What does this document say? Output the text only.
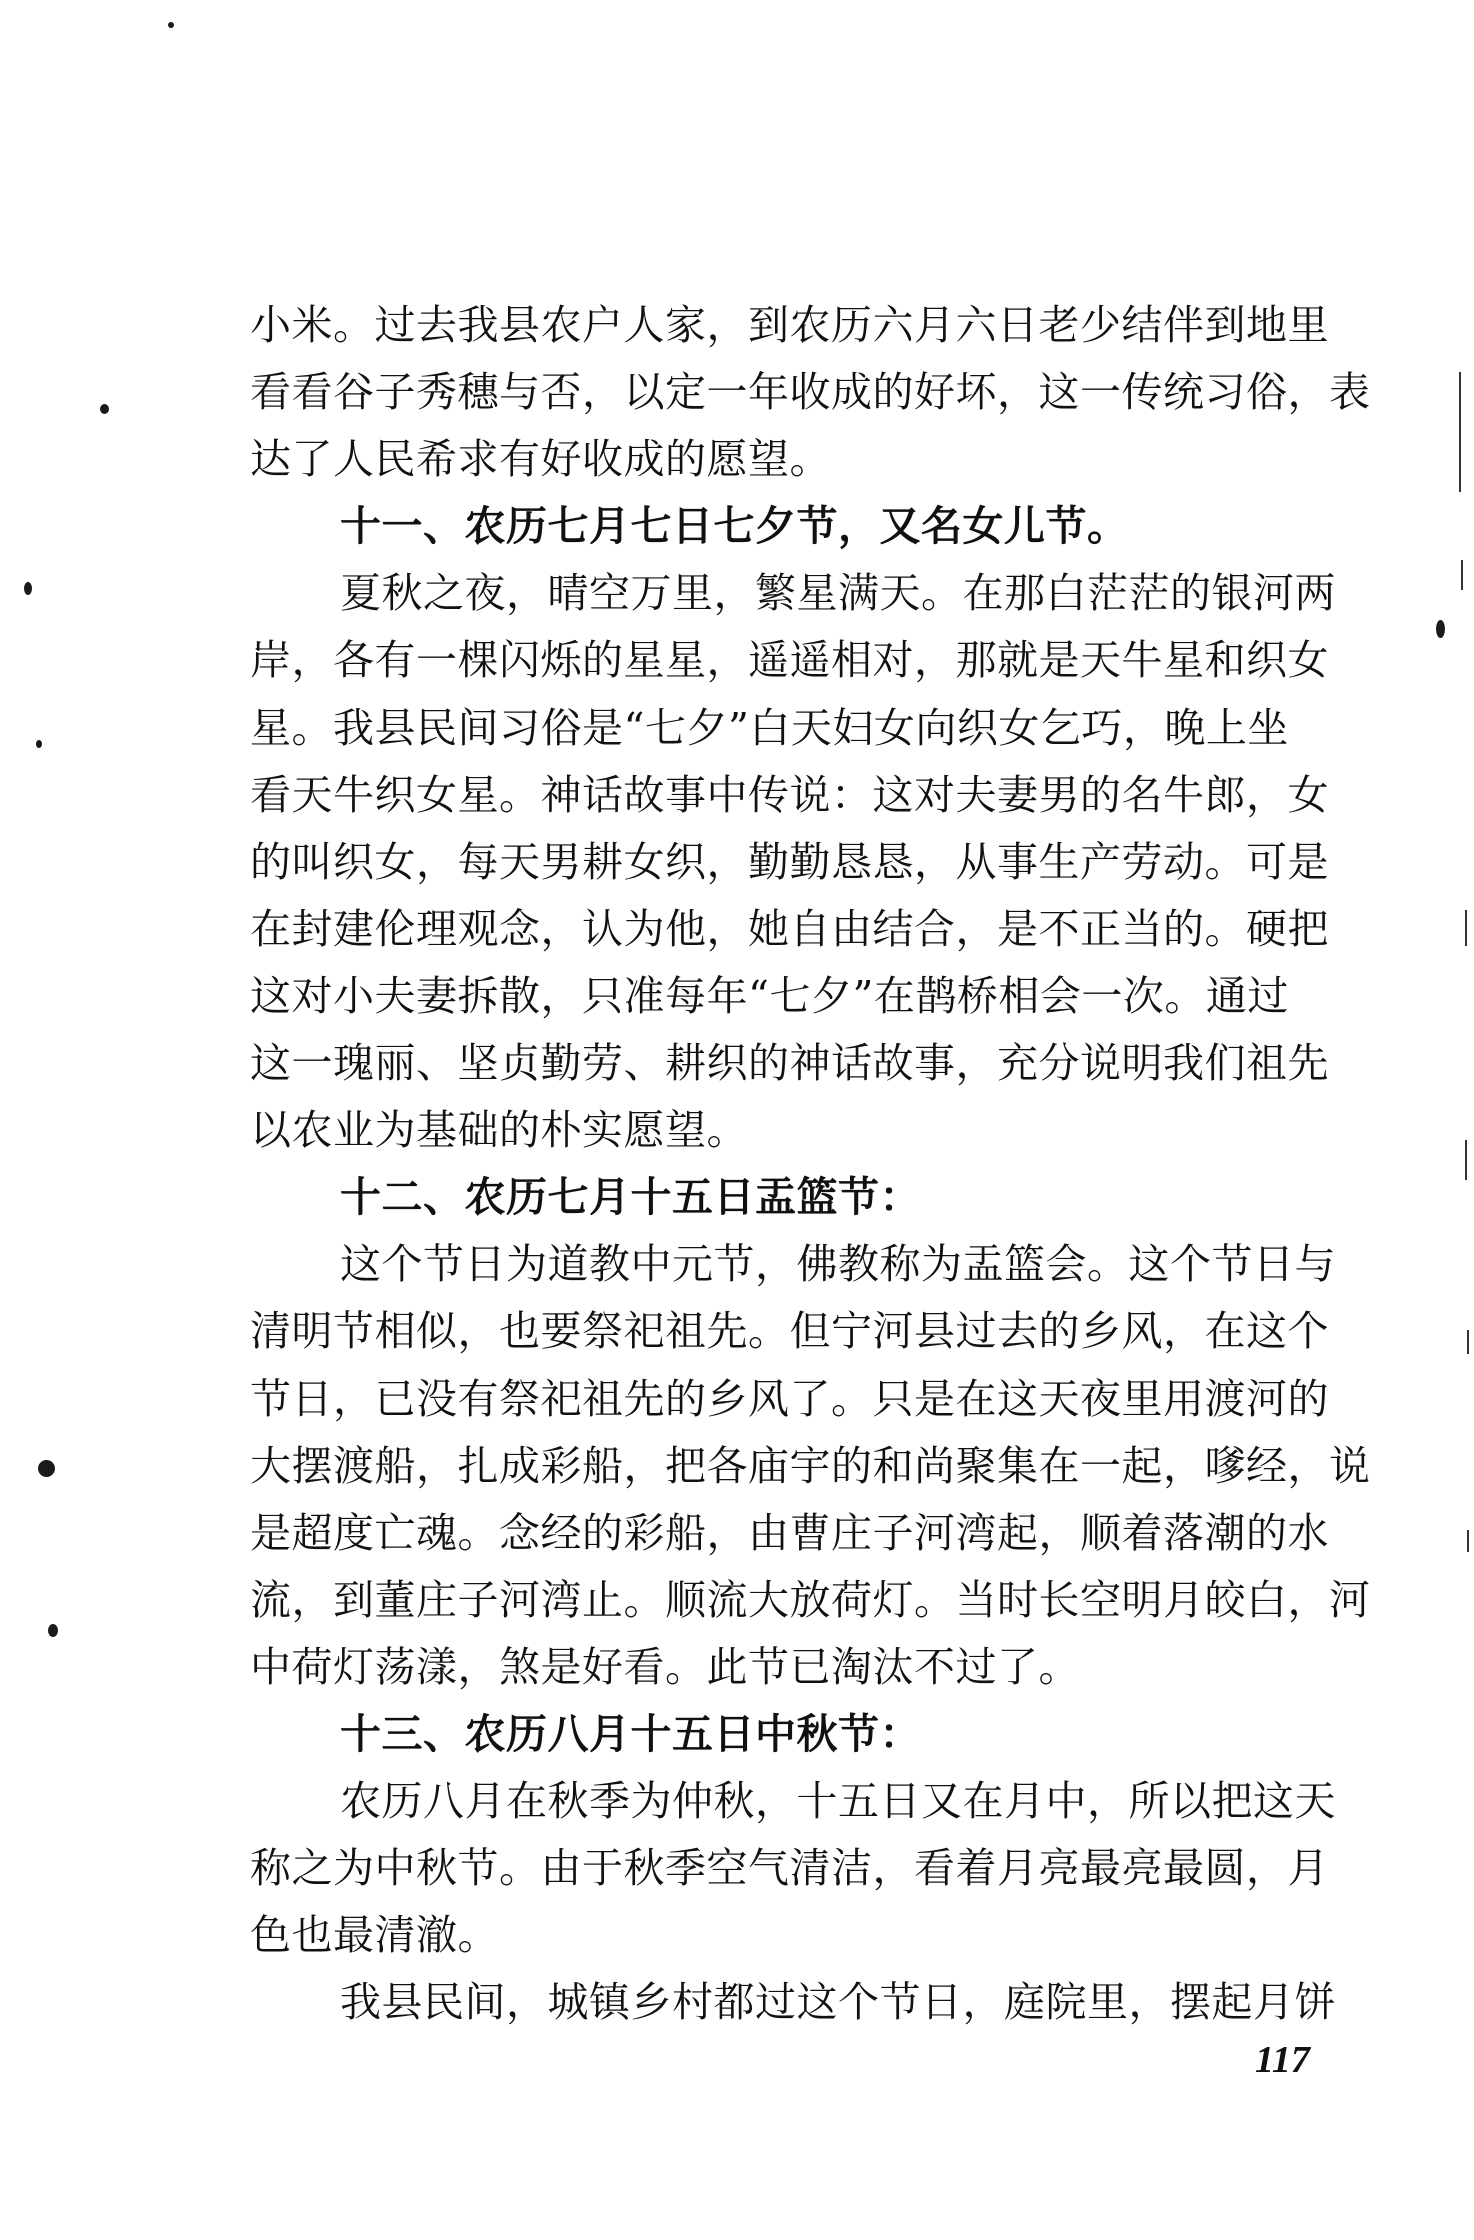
小米。过去我县农户人家，到农历六月六日老少结伴到地里
看看谷子秀穗与否，以定一年收成的好坏，这一传统习俗，表
达了人民希求有好收成的愿望。
十一、农历七月七日七夕节，又名女儿节。
夏秋之夜，晴空万里，繁星满天。在那白茫茫的银河两
岸，各有一棵闪烁的星星，遥遥相对，那就是天牛星和织女
星。我县民间习俗是“七夕”白天妇女向织女乞巧，晚上坐
看天牛织女星。神话故事中传说：这对夫妻男的名牛郎，女
的叫织女，每天男耕女织，勤勤恳恳，从事生产劳动。可是
在封建伦理观念，认为他，她自由结合，是不正当的。硬把
这对小夫妻拆散，只准每年“七夕”在鹊桥相会一次。通过
这一瑰丽、坚贞勤劳、耕织的神话故事，充分说明我们祖先
以农业为基础的朴实愿望。
十二、农历七月十五日盂篮节：
这个节日为道教中元节，佛教称为盂篮会。这个节日与
清明节相似，也要祭祀祖先。但宁河县过去的乡风，在这个
节日，已没有祭祀祖先的乡风了。只是在这天夜里用渡河的
大摆渡船，扎成彩船，把各庙宇的和尚聚集在一起，嗲经，说
是超度亡魂。念经的彩船，由曹庄子河湾起，顺着落潮的水
流，到董庄子河湾止。顺流大放荷灯。当时长空明月皎白，河
中荷灯荡漾，煞是好看。此节已淘汰不过了。
十三、农历八月十五日中秋节：
农历八月在秋季为仲秋，十五日又在月中，所以把这天
称之为中秋节。由于秋季空气清洁，看着月亮最亮最圆，月
色也最清澈。
我县民间，城镇乡村都过这个节日，庭院里，摆起月饼
117
